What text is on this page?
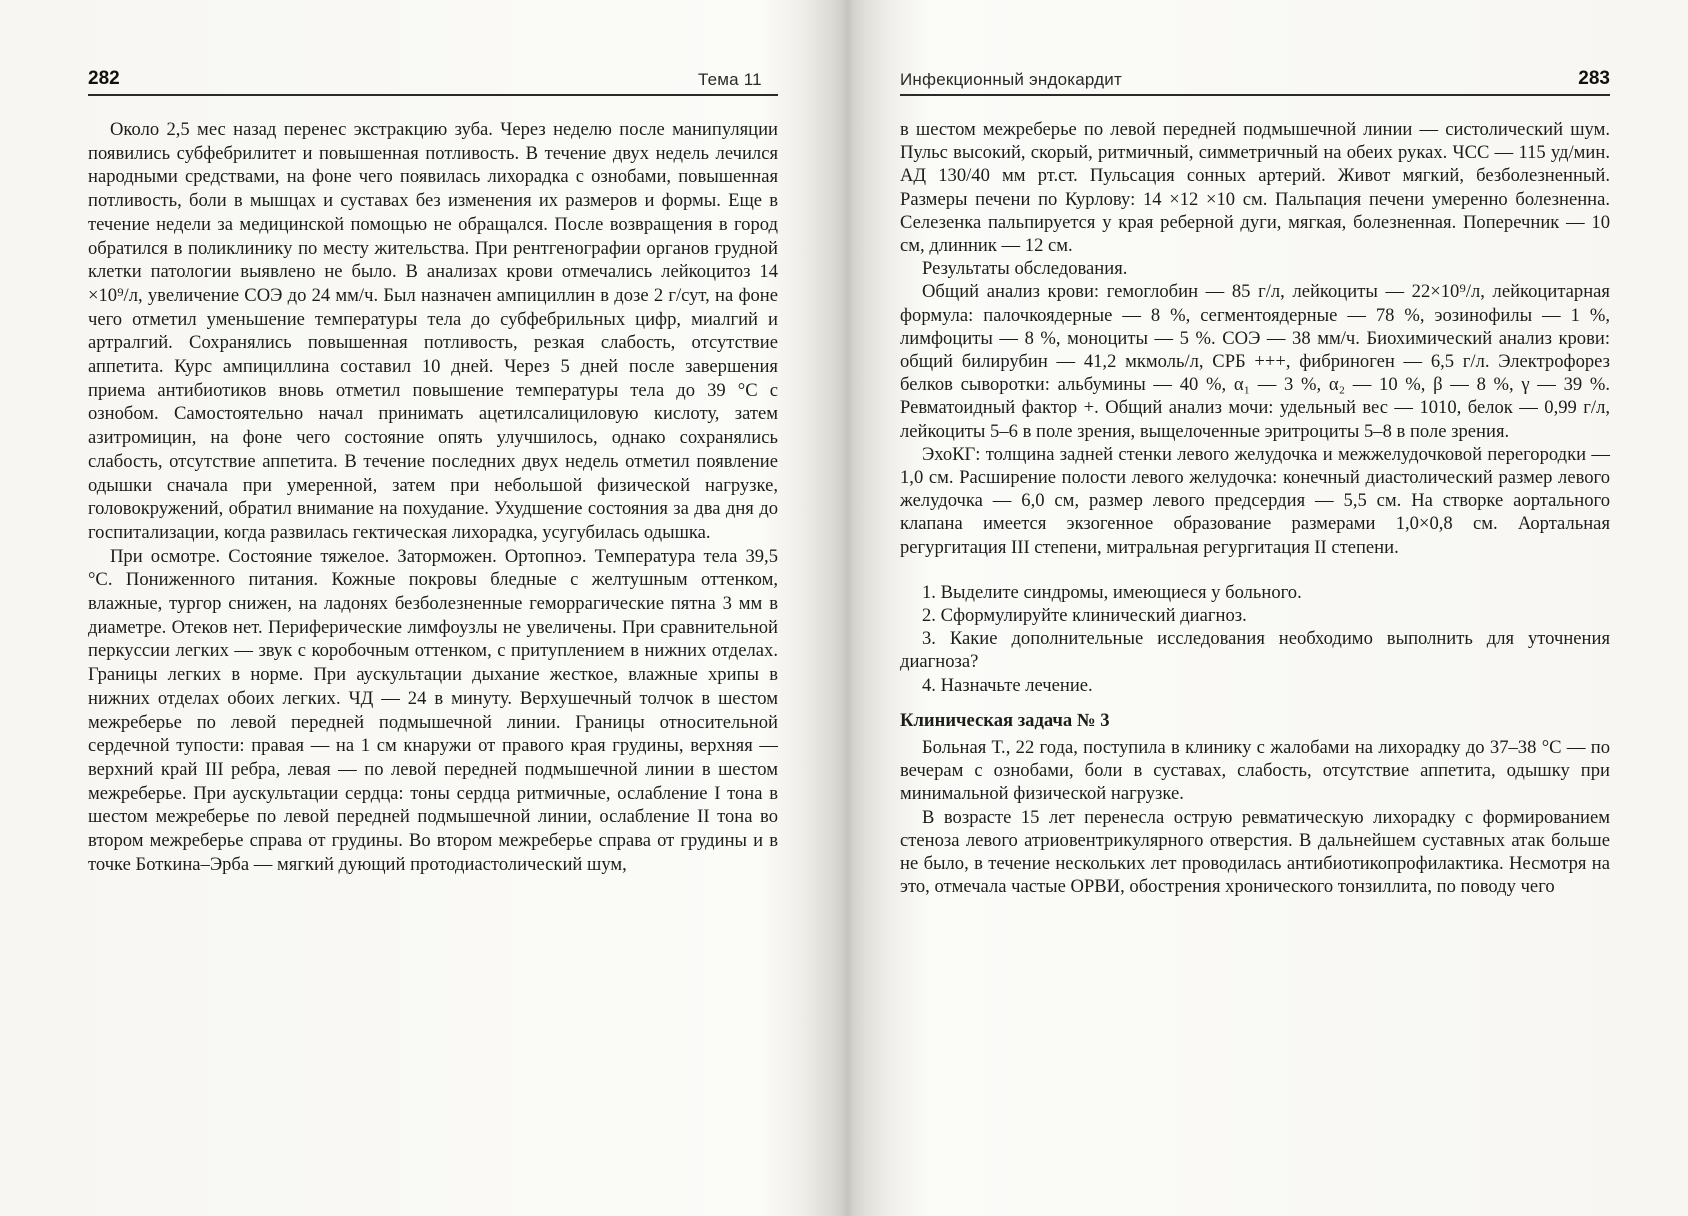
282	Тема 11

Около 2,5 мес назад перенес экстракцию зуба. Через неделю после манипуляции появились субфебрилитет и повышенная потливость. В течение двух недель лечился народными средствами, на фоне чего появилась лихорадка с ознобами, повышенная потливость, боли в мышцах и суставах без изменения их размеров и формы. Еще в течение недели за медицинской помощью не обращался. После возвращения в город обратился в поликлинику по месту жительства. При рентгенографии органов грудной клетки патологии выявлено не было. В анализах крови отмечались лейкоцитоз 14 ×10⁹/л, увеличение СОЭ до 24 мм/ч. Был назначен ампициллин в дозе 2 г/сут, на фоне чего отметил уменьшение температуры тела до субфебрильных цифр, миалгий и артралгий. Сохранялись повышенная потливость, резкая слабость, отсутствие аппетита. Курс ампициллина составил 10 дней. Через 5 дней после завершения приема антибиотиков вновь отметил повышение температуры тела до 39 °С с ознобом. Самостоятельно начал принимать ацетилсалициловую кислоту, затем азитромицин, на фоне чего состояние опять улучшилось, однако сохранялись слабость, отсутствие аппетита. В течение последних двух недель отметил появление одышки сначала при умеренной, затем при небольшой физической нагрузке, головокружений, обратил внимание на похудание. Ухудшение состояния за два дня до госпитализации, когда развилась гектическая лихорадка, усугубилась одышка.

При осмотре. Состояние тяжелое. Заторможен. Ортопноэ. Температура тела 39,5 °С. Пониженного питания. Кожные покровы бледные с желтушным оттенком, влажные, тургор снижен, на ладонях безболезненные геморрагические пятна 3 мм в диаметре. Отеков нет. Периферические лимфоузлы не увеличены. При сравнительной перкуссии легких — звук с коробочным оттенком, с притуплением в нижних отделах. Границы легких в норме. При аускультации дыхание жесткое, влажные хрипы в нижних отделах обоих легких. ЧД — 24 в минуту. Верхушечный толчок в шестом межреберье по левой передней подмышечной линии. Границы относительной сердечной тупости: правая — на 1 см кнаружи от правого края грудины, верхняя — верхний край III ребра, левая — по левой передней подмышечной линии в шестом межреберье. При аускультации сердца: тоны сердца ритмичные, ослабление I тона в шестом межреберье по левой передней подмышечной линии, ослабление II тона во втором межреберье справа от грудины. Во втором межреберье справа от грудины и в точке Боткина–Эрба — мягкий дующий протодиастолический шум,

Инфекционный эндокардит	283

в шестом межреберье по левой передней подмышечной линии — систолический шум. Пульс высокий, скорый, ритмичный, симметричный на обеих руках. ЧСС — 115 уд/мин. АД 130/40 мм рт.ст. Пульсация сонных артерий. Живот мягкий, безболезненный. Размеры печени по Курлову: 14 ×12 ×10 см. Пальпация печени умеренно болезненна. Селезенка пальпируется у края реберной дуги, мягкая, болезненная. Поперечник — 10 см, длинник — 12 см.

Результаты обследования.

Общий анализ крови: гемоглобин — 85 г/л, лейкоциты — 22×10⁹/л, лейкоцитарная формула: палочкоядерные — 8 %, сегментоядерные — 78 %, эозинофилы — 1 %, лимфоциты — 8 %, моноциты — 5 %. СОЭ — 38 мм/ч. Биохимический анализ крови: общий билирубин — 41,2 мкмоль/л, СРБ +++, фибриноген — 6,5 г/л. Электрофорез белков сыворотки: альбумины — 40 %, α₁ — 3 %, α₂ — 10 %, β — 8 %, γ — 39 %. Ревматоидный фактор +. Общий анализ мочи: удельный вес — 1010, белок — 0,99 г/л, лейкоциты 5–6 в поле зрения, выщелоченные эритроциты 5–8 в поле зрения.

ЭхоКГ: толщина задней стенки левого желудочка и межжелудочковой перегородки — 1,0 см. Расширение полости левого желудочка: конечный диастолический размер левого желудочка — 6,0 см, размер левого предсердия — 5,5 см. На створке аортального клапана имеется экзогенное образование размерами 1,0×0,8 см. Аортальная регургитация III степени, митральная регургитация II степени.

1. Выделите синдромы, имеющиеся у больного.

2. Сформулируйте клинический диагноз.

3. Какие дополнительные исследования необходимо выполнить для уточнения диагноза?

4. Назначьте лечение.

Клиническая задача № 3

Больная Т., 22 года, поступила в клинику с жалобами на лихорадку до 37–38 °С — по вечерам с ознобами, боли в суставах, слабость, отсутствие аппетита, одышку при минимальной физической нагрузке.

В возрасте 15 лет перенесла острую ревматическую лихорадку с формированием стеноза левого атриовентрикулярного отверстия. В дальнейшем суставных атак больше не было, в течение нескольких лет проводилась антибиотикопрофилактика. Несмотря на это, отмечала частые ОРВИ, обострения хронического тонзиллита, по поводу чего
